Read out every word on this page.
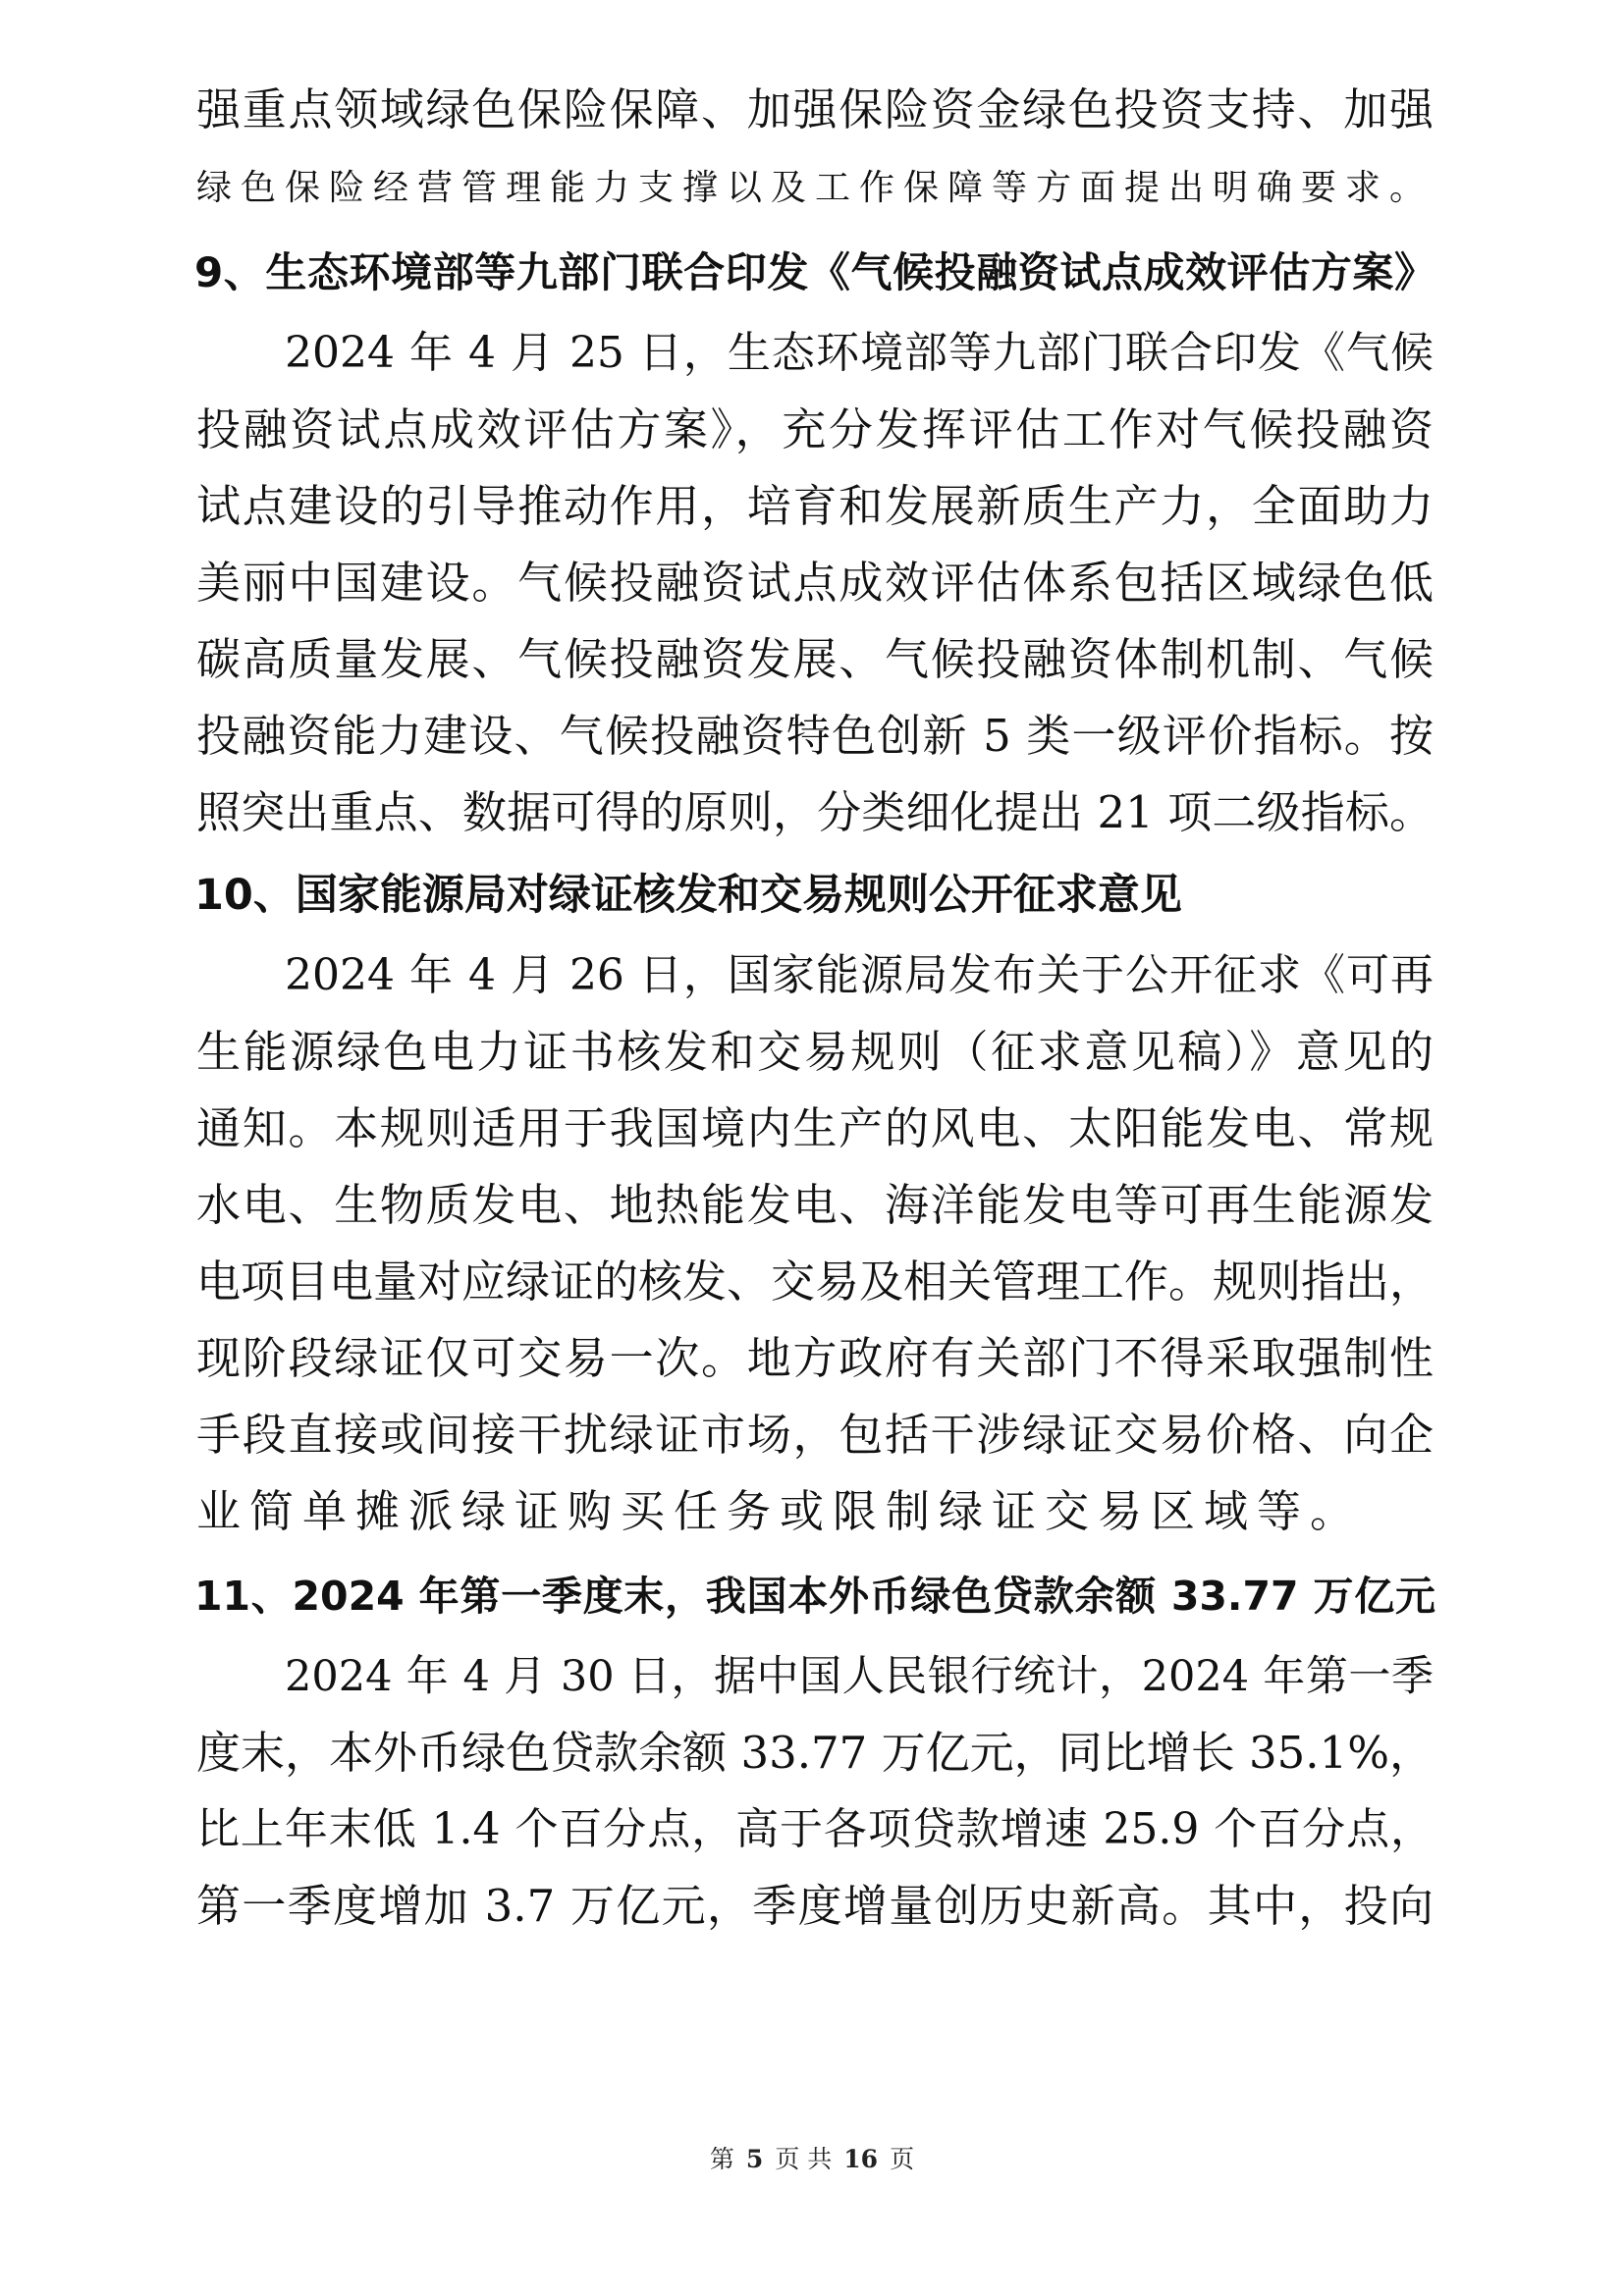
强重点领域绿色保险保障、加强保险资金绿色投资支持、加强
绿色保险经营管理能力支撑以及工作保障等方面提出明确要求。
9、生态环境部等九部门联合印发《气候投融资试点成效评估方案》
2024 年 4 月 25 日，生态环境部等九部门联合印发《气候
投融资试点成效评估方案》，充分发挥评估工作对气候投融资
试点建设的引导推动作用，培育和发展新质生产力，全面助力
美丽中国建设。气候投融资试点成效评估体系包括区域绿色低
碳高质量发展、气候投融资发展、气候投融资体制机制、气候
投融资能力建设、气候投融资特色创新 5 类一级评价指标。按
照突出重点、数据可得的原则，分类细化提出 21 项二级指标。
10、国家能源局对绿证核发和交易规则公开征求意见
2024 年 4 月 26 日，国家能源局发布关于公开征求《可再
生能源绿色电力证书核发和交易规则（征求意见稿）》意见的
通知。本规则适用于我国境内生产的风电、太阳能发电、常规
水电、生物质发电、地热能发电、海洋能发电等可再生能源发
电项目电量对应绿证的核发、交易及相关管理工作。规则指出，
现阶段绿证仅可交易一次。地方政府有关部门不得采取强制性
手段直接或间接干扰绿证市场，包括干涉绿证交易价格、向企
业简单摊派绿证购买任务或限制绿证交易区域等。
11、2024 年第一季度末，我国本外币绿色贷款余额 33.77 万亿元
2024 年 4 月 30 日，据中国人民银行统计，2024 年第一季
度末，本外币绿色贷款余额 33.77 万亿元，同比增长 35.1%，
比上年末低 1.4 个百分点，高于各项贷款增速 25.9 个百分点，
第一季度增加 3.7 万亿元，季度增量创历史新高。其中，投向
第 5 页 共 16 页
